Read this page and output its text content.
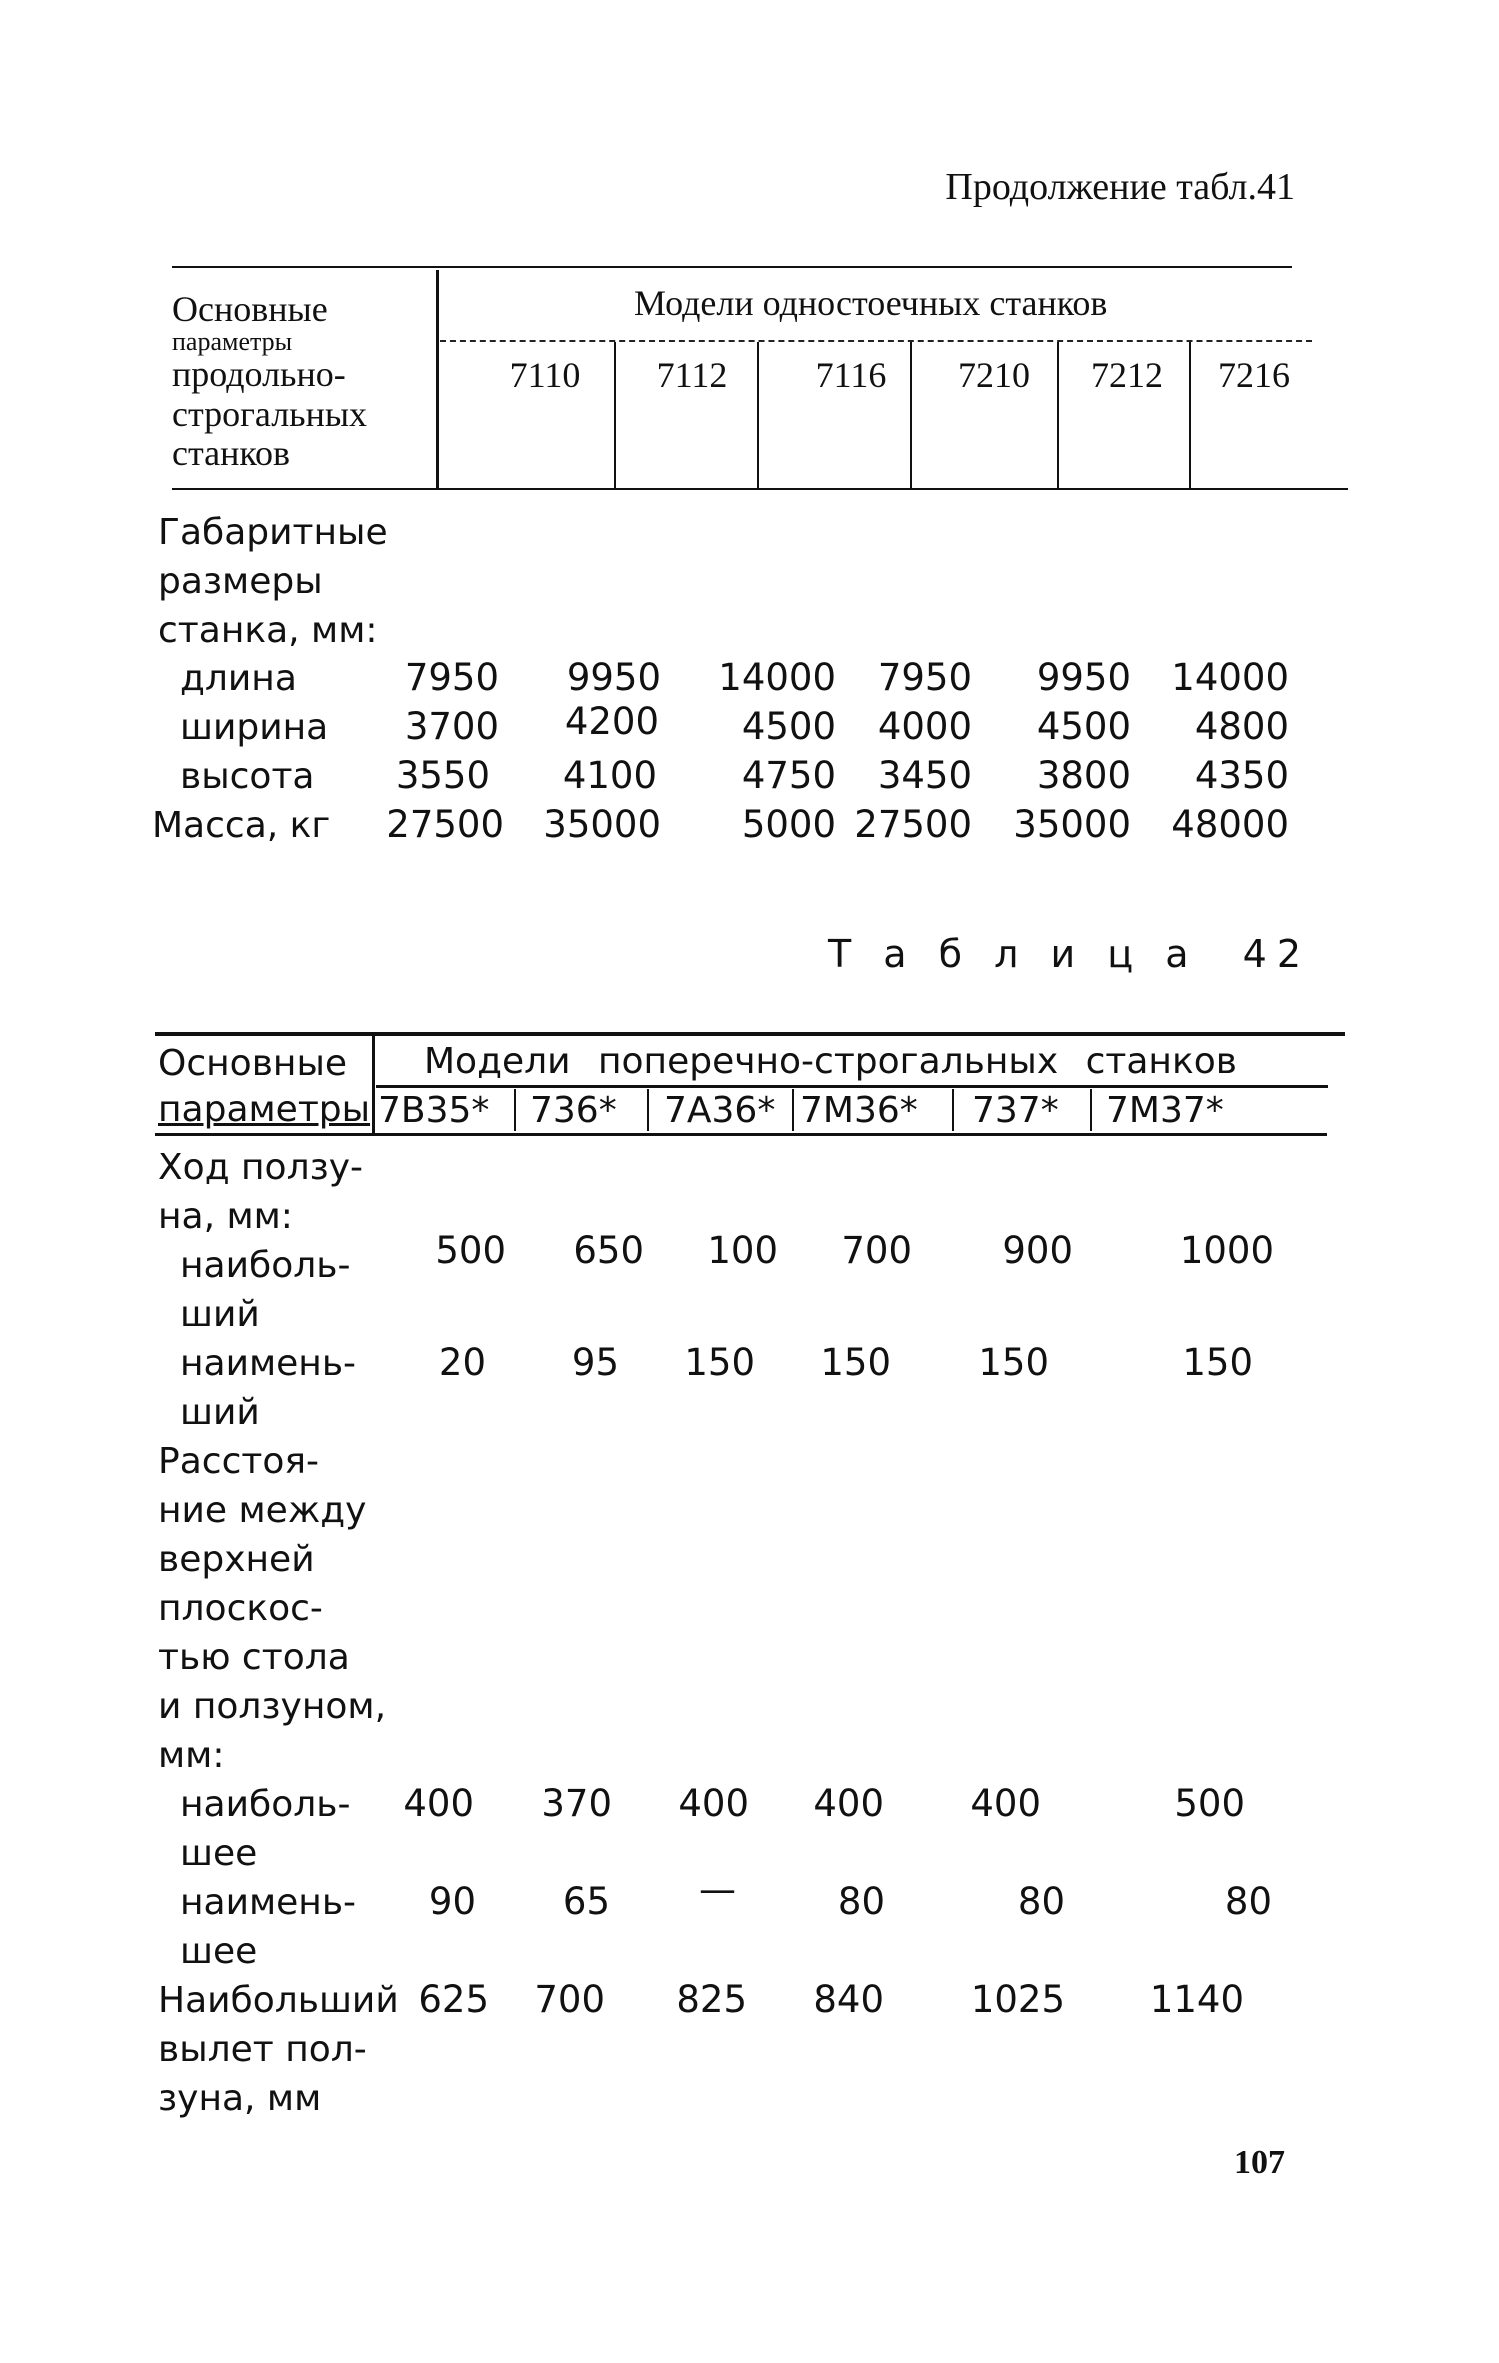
Продолжение табл.41
Модели одностоечных станков
Основные
параметры
продольно-
строгальных
станков
7110	7112	7116	7210	7212	7216
Габаритные
размеры
станка, мм:
длина	7950 9950 14000 7950 9950 14000
ширина 3700 4200 4500 4000 4500 4800
высота 3550 4100 4750 3450 3800 4350
Масса, кг 27500 35000 5000 27500 35000 48000
Т а б л и ц а  42
Модели поперечно-строгальных станков
Основные
параметры 7В35* 736* 7А36* 7М36* 737* 7М37*
Ход ползу-
на, мм:
наиболь- 500 650 100 700 900	1000
ший
наимень- 20 95 150 150 150	150
ший
Расстоя-
ние между
верхней
плоскос-
тью стола
и ползуном,
мм:
наиболь- 400 370 400 400 400	500
шее
наимень- 90 65 —	80	80	80
шее
Наибольший 625 700 825 840 1025 1140
вылет пол-
зуна, мм
107
